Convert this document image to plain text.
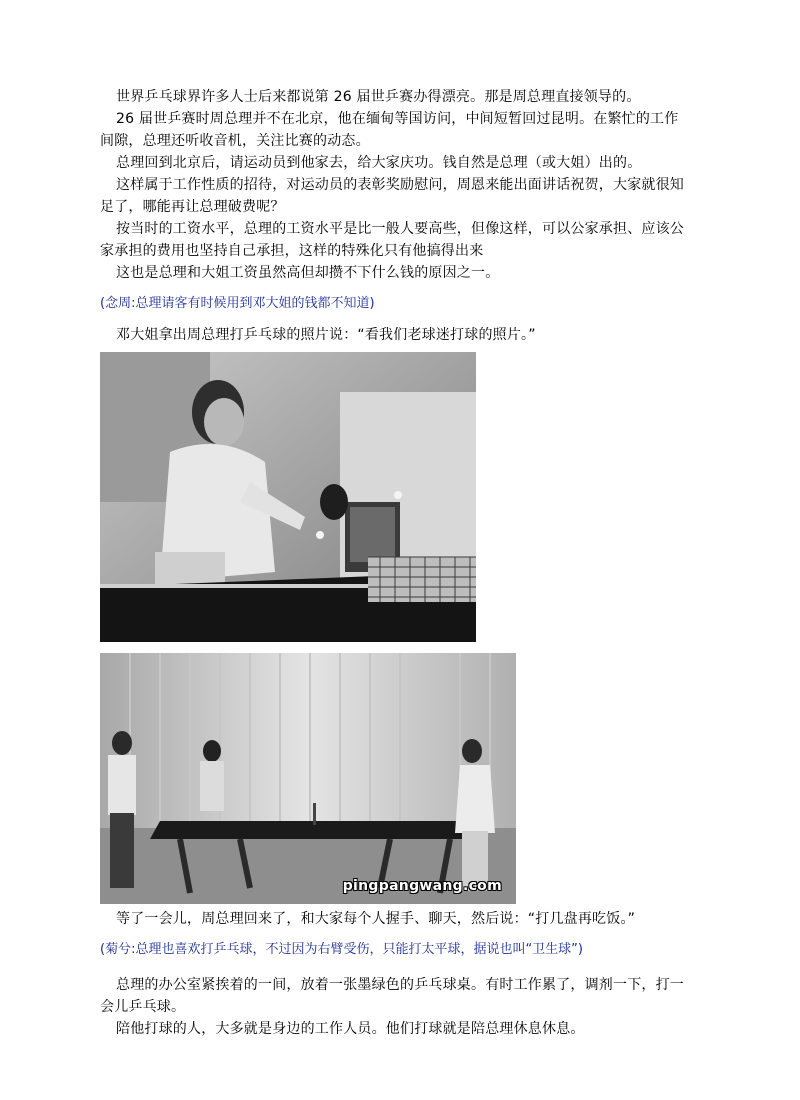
世界乒乓球界许多人士后来都说第 26 届世乒赛办得漂亮。那是周总理直接领导的。

26 届世乒赛时周总理并不在北京，他在缅甸等国访问，中间短暂回过昆明。在繁忙的工作间隙，总理还听收音机，关注比赛的动态。

总理回到北京后，请运动员到他家去，给大家庆功。钱自然是总理（或大姐）出的。

这样属于工作性质的招待，对运动员的表彰奖励慰问，周恩来能出面讲话祝贺，大家就很知足了，哪能再让总理破费呢？

按当时的工资水平，总理的工资水平是比一般人要高些，但像这样，可以公家承担、应该公家承担的费用也坚持自己承担，这样的特殊化只有他搞得出来

这也是总理和大姐工资虽然高但却攒不下什么钱的原因之一。

(念周:总理请客有时候用到邓大姐的钱都不知道)

邓大姐拿出周总理打乒乓球的照片说：“看我们老球迷打球的照片。”

pingpangwang.com

等了一会儿，周总理回来了，和大家每个人握手、聊天，然后说：“打几盘再吃饭。”

(菊兮:总理也喜欢打乒乓球，不过因为右臂受伤，只能打太平球，据说也叫“卫生球”)

总理的办公室紧挨着的一间，放着一张墨绿色的乒乓球桌。有时工作累了，调剂一下，打一会儿乒乓球。

陪他打球的人，大多就是身边的工作人员。他们打球就是陪总理休息休息。
